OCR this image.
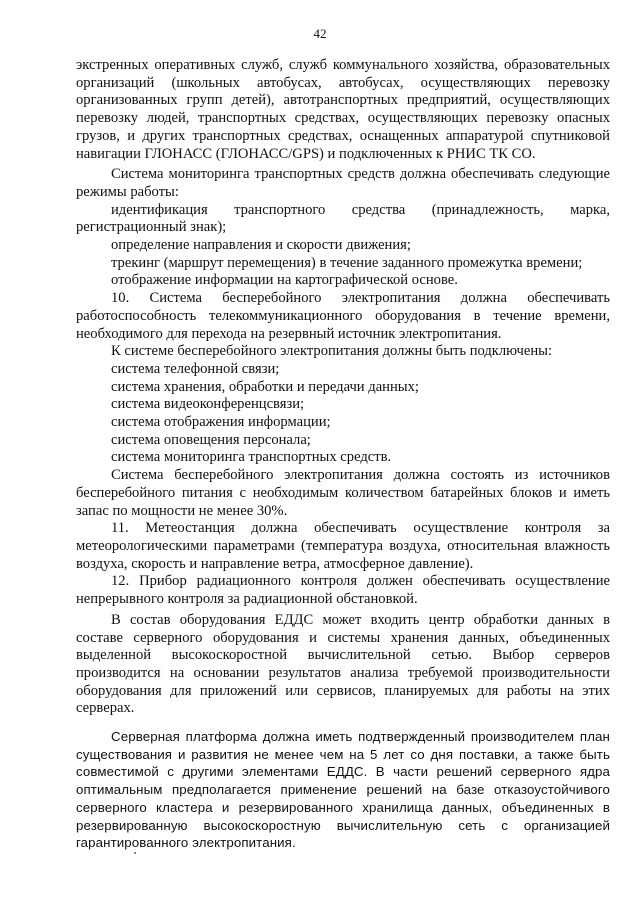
42

экстренных оперативных служб, служб коммунального хозяйства, образовательных организаций (школьных автобусах, автобусах, осуществляющих перевозку организованных групп детей), автотранспортных предприятий, осуществляющих перевозку людей, транспортных средствах, осуществляющих перевозку опасных грузов, и других транспортных средствах, оснащенных аппаратурой спутниковой навигации ГЛОНАСС (ГЛОНАСС/GPS) и подключенных к РНИС ТК СО.

Система мониторинга транспортных средств должна обеспечивать следующие режимы работы:

идентификация транспортного средства (принадлежность, марка, регистрационный знак);

определение направления и скорости движения;

трекинг (маршрут перемещения) в течение заданного промежутка времени;

отображение информации на картографической основе.

10. Система бесперебойного электропитания должна обеспечивать работоспособность телекоммуникационного оборудования в течение времени, необходимого для перехода на резервный источник электропитания.

К системе бесперебойного электропитания должны быть подключены:

система телефонной связи;

система хранения, обработки и передачи данных;

система видеоконференцсвязи;

система отображения информации;

система оповещения персонала;

система мониторинга транспортных средств.

Система бесперебойного электропитания должна состоять из источников бесперебойного питания с необходимым количеством батарейных блоков и иметь запас по мощности не менее 30%.

11. Метеостанция должна обеспечивать осуществление контроля за метеорологическими параметрами (температура воздуха, относительная влажность воздуха, скорость и направление ветра, атмосферное давление).

12. Прибор радиационного контроля должен обеспечивать осуществление непрерывного контроля за радиационной обстановкой.

В состав оборудования ЕДДС может входить центр обработки данных в составе серверного оборудования и системы хранения данных, объединенных выделенной высокоскоростной вычислительной сетью. Выбор серверов производится на основании результатов анализа требуемой производительности оборудования для приложений или сервисов, планируемых для работы на этих серверах.

Серверная платформа должна иметь подтвержденный производителем план существования и развития не менее чем на 5 лет со дня поставки, а также быть совместимой с другими элементами ЕДДС. В части решений серверного ядра оптимальным предполагается применение решений на базе отказоустойчивого серверного кластера и резервированного хранилища данных, объединенных в резервированную высокоскоростную вычислительную сеть с организацией гарантированного электропитания.
